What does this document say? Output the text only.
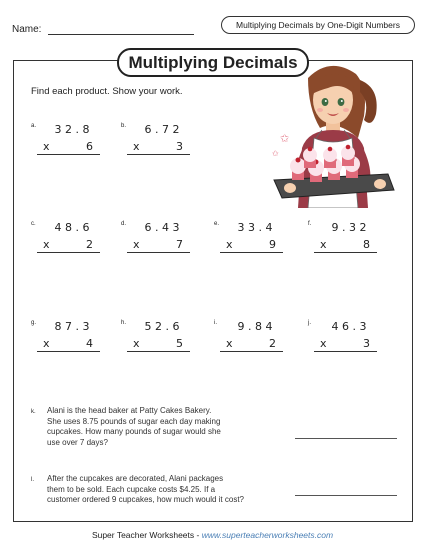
Name:	Multiplying Decimals by One-Digit Numbers
Multiplying Decimals
Find each product. Show your work.
✩
✩
a.	32.8
x	6
b.	6.72
x	3
c.	48.6
x	2
d.	6.43
x	7
e.	33.4
x	9
f.	9.32
x	8
g.	87.3
x	4
h.	52.6
x	5
i.	9.84
x	2
j.	46.3
x	3
k. Alani is the head baker at Patty Cakes Bakery.
She uses 8.75 pounds of sugar each day making
cupcakes. How many pounds of sugar would she
use over 7 days?
l. After the cupcakes are decorated, Alani packages
them to be sold. Each cupcake costs $4.25. If a
customer ordered 9 cupcakes, how much would it cost?
Super Teacher Worksheets - www.superteacherworksheets.com
